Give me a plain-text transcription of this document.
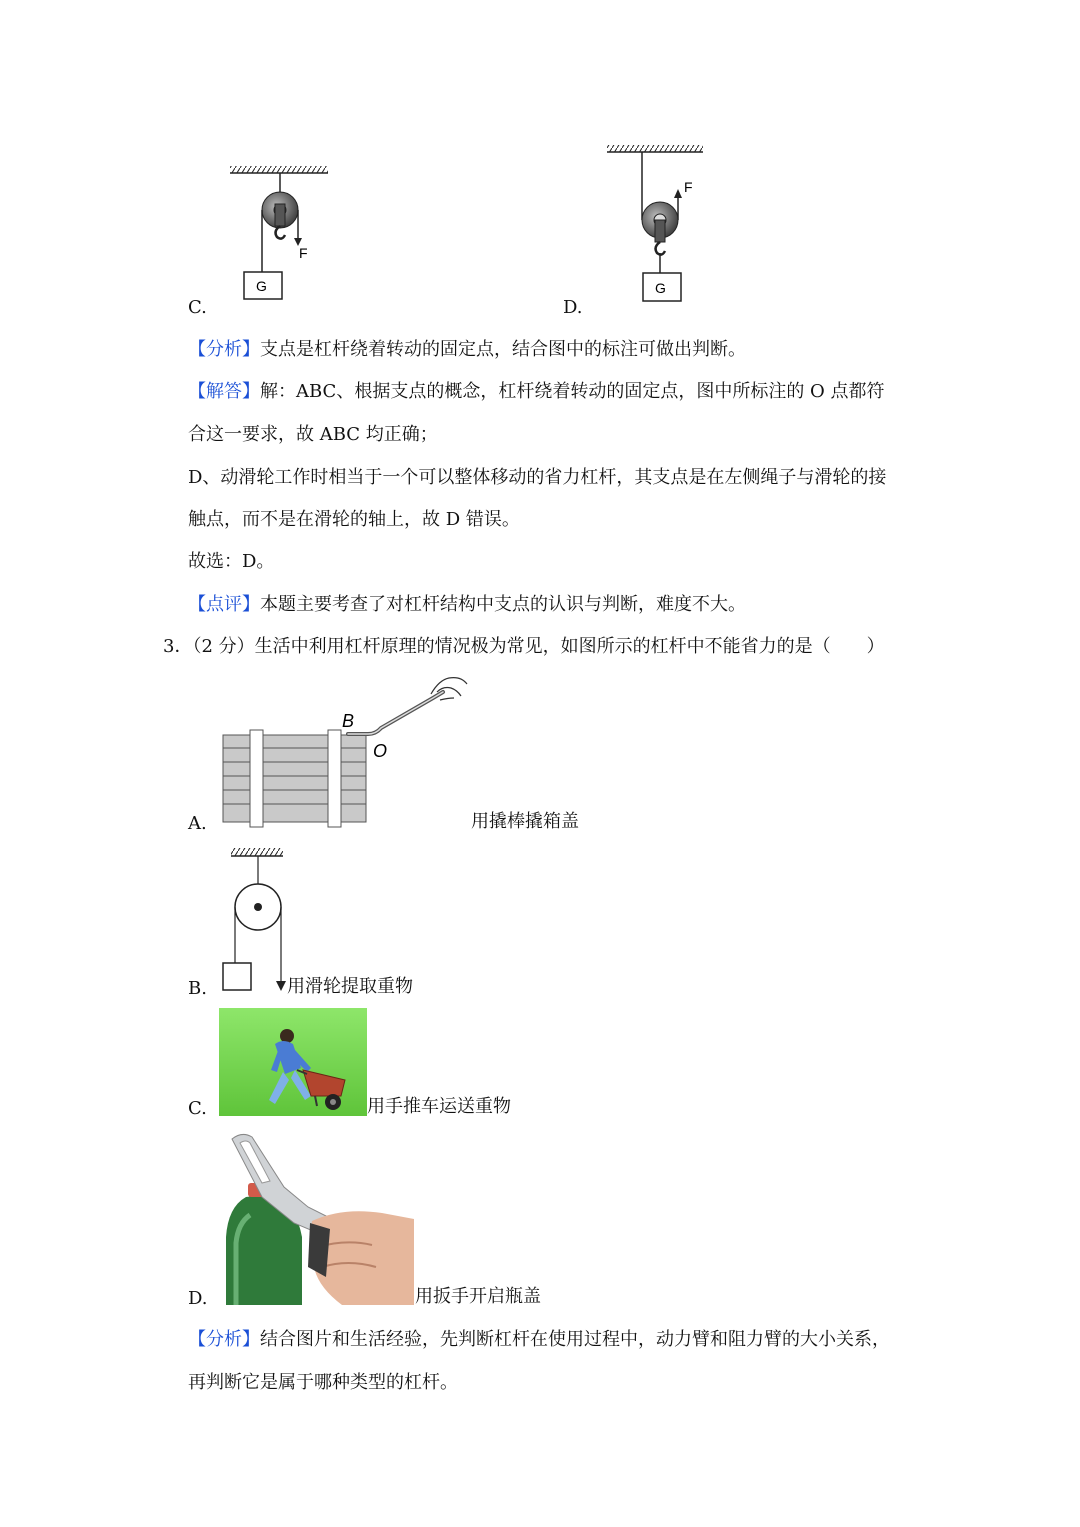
F
G
C.
F
G
D.
【分析】支点是杠杆绕着转动的固定点，结合图中的标注可做出判断。
【解答】解：ABC、根据支点的概念，杠杆绕着转动的固定点，图中所标注的 O 点都符
合这一要求，故 ABC 均正确；
D、动滑轮工作时相当于一个可以整体移动的省力杠杆，其支点是在左侧绳子与滑轮的接
触点，而不是在滑轮的轴上，故 D 错误。
故选：D。
【点评】本题主要考查了对杠杆结构中支点的认识与判断，难度不大。
3．（2 分）生活中利用杠杆原理的情况极为常见，如图所示的杠杆中不能省力的是（　　）
B
O
A.	用撬棒撬箱盖
B.	用滑轮提取重物
C.	用手推车运送重物
D.	用扳手开启瓶盖
【分析】结合图片和生活经验，先判断杠杆在使用过程中，动力臂和阻力臂的大小关系，
再判断它是属于哪种类型的杠杆。
